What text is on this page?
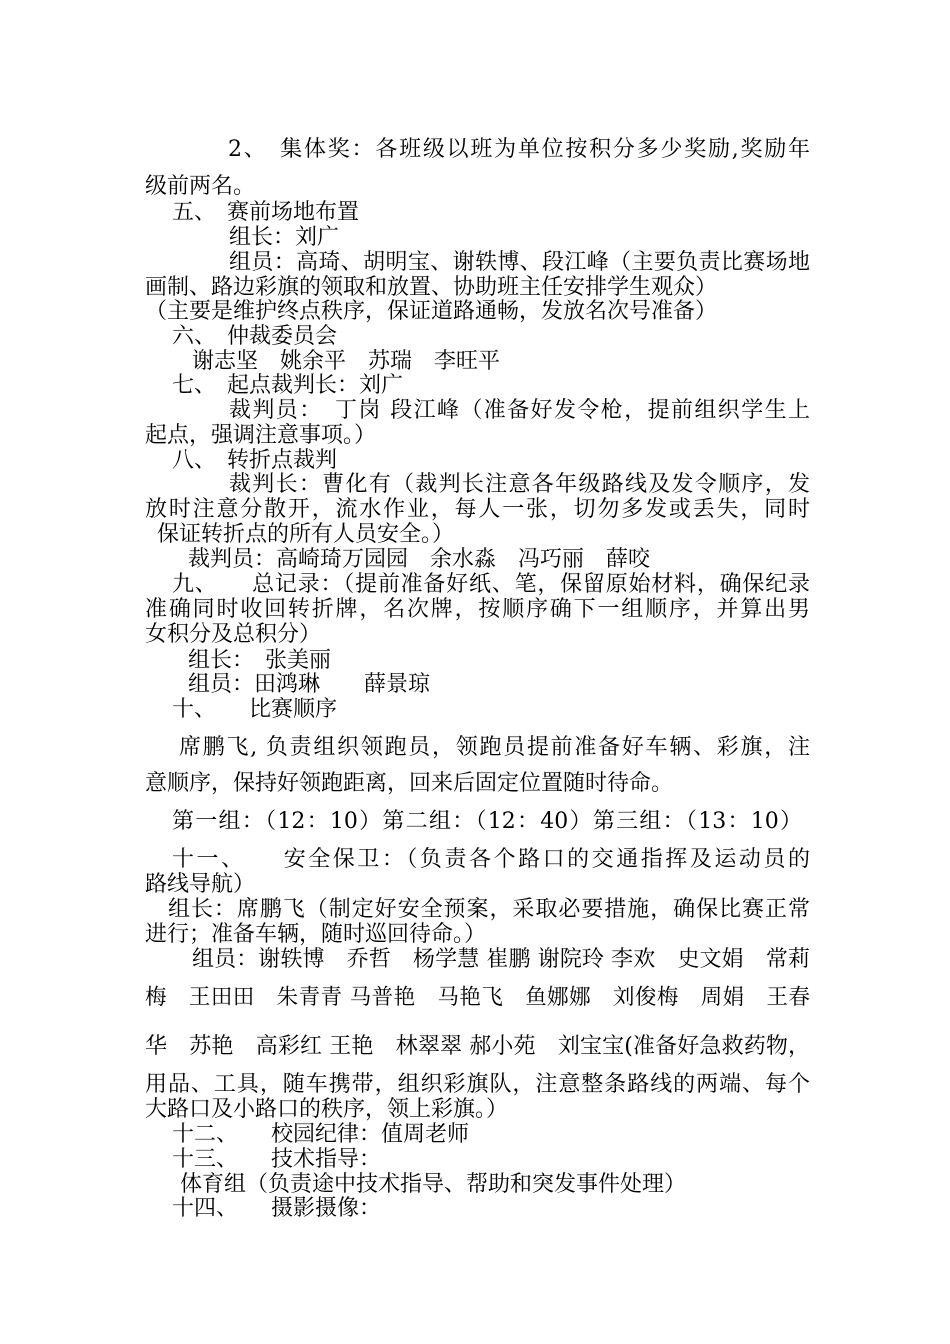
2、　集体奖：各班级以班为单位按积分多少奖励,奖励年
级前两名。
五、　赛前场地布置
组长：刘广
组员：高琦、胡明宝、谢轶博、段江峰（主要负责比赛场地
画制、路边彩旗的领取和放置、协助班主任安排学生观众）
（主要是维护终点秩序，保证道路通畅，发放名次号准备）
六、　仲裁委员会
谢志坚　姚余平　苏瑞　李旺平
七、　起点裁判长：刘广
裁判员：　丁岗 段江峰（准备好发令枪，提前组织学生上
起点，强调注意事项。）
八、　转折点裁判
裁判长：曹化有（裁判长注意各年级路线及发令顺序，发
放时注意分散开，流水作业，每人一张，切勿多发或丢失，同时
保证转折点的所有人员安全。）
裁判员：高崎琦万园园　余水淼　冯巧丽　薛咬
九、　　总记录：（提前准备好纸、笔，保留原始材料，确保纪录
准确同时收回转折牌，名次牌，按顺序确下一组顺序，并算出男
女积分及总积分）
组长：　张美丽
组员：田鸿琳　　薛景琼
十、　　比赛顺序
席鹏飞, 负责组织领跑员，领跑员提前准备好车辆、彩旗，注
意顺序，保持好领跑距离，回来后固定位置随时待命。
第一组：（12：10）第二组：（12：40）第三组：（13：10）
十一、　　安全保卫：（负责各个路口的交通指挥及运动员的
路线导航）
组长：席鹏飞（制定好安全预案，采取必要措施，确保比赛正常
进行；准备车辆，随时巡回待命。）
组员：谢轶博　乔哲　杨学慧 崔鹏 谢院玲 李欢　史文娟　常莉
梅　王田田　朱青青 马普艳　马艳飞　鱼娜娜　刘俊梅　周娟　王春
华　苏艳　高彩红 王艳　林翠翠 郝小苑　刘宝宝(准备好急救药物，
用品、工具，随车携带，组织彩旗队，注意整条路线的两端、每个
大路口及小路口的秩序，领上彩旗。）
十二、　　校园纪律：值周老师
十三、　　技术指导：
体育组（负责途中技术指导、帮助和突发事件处理）
十四、　　摄影摄像：
